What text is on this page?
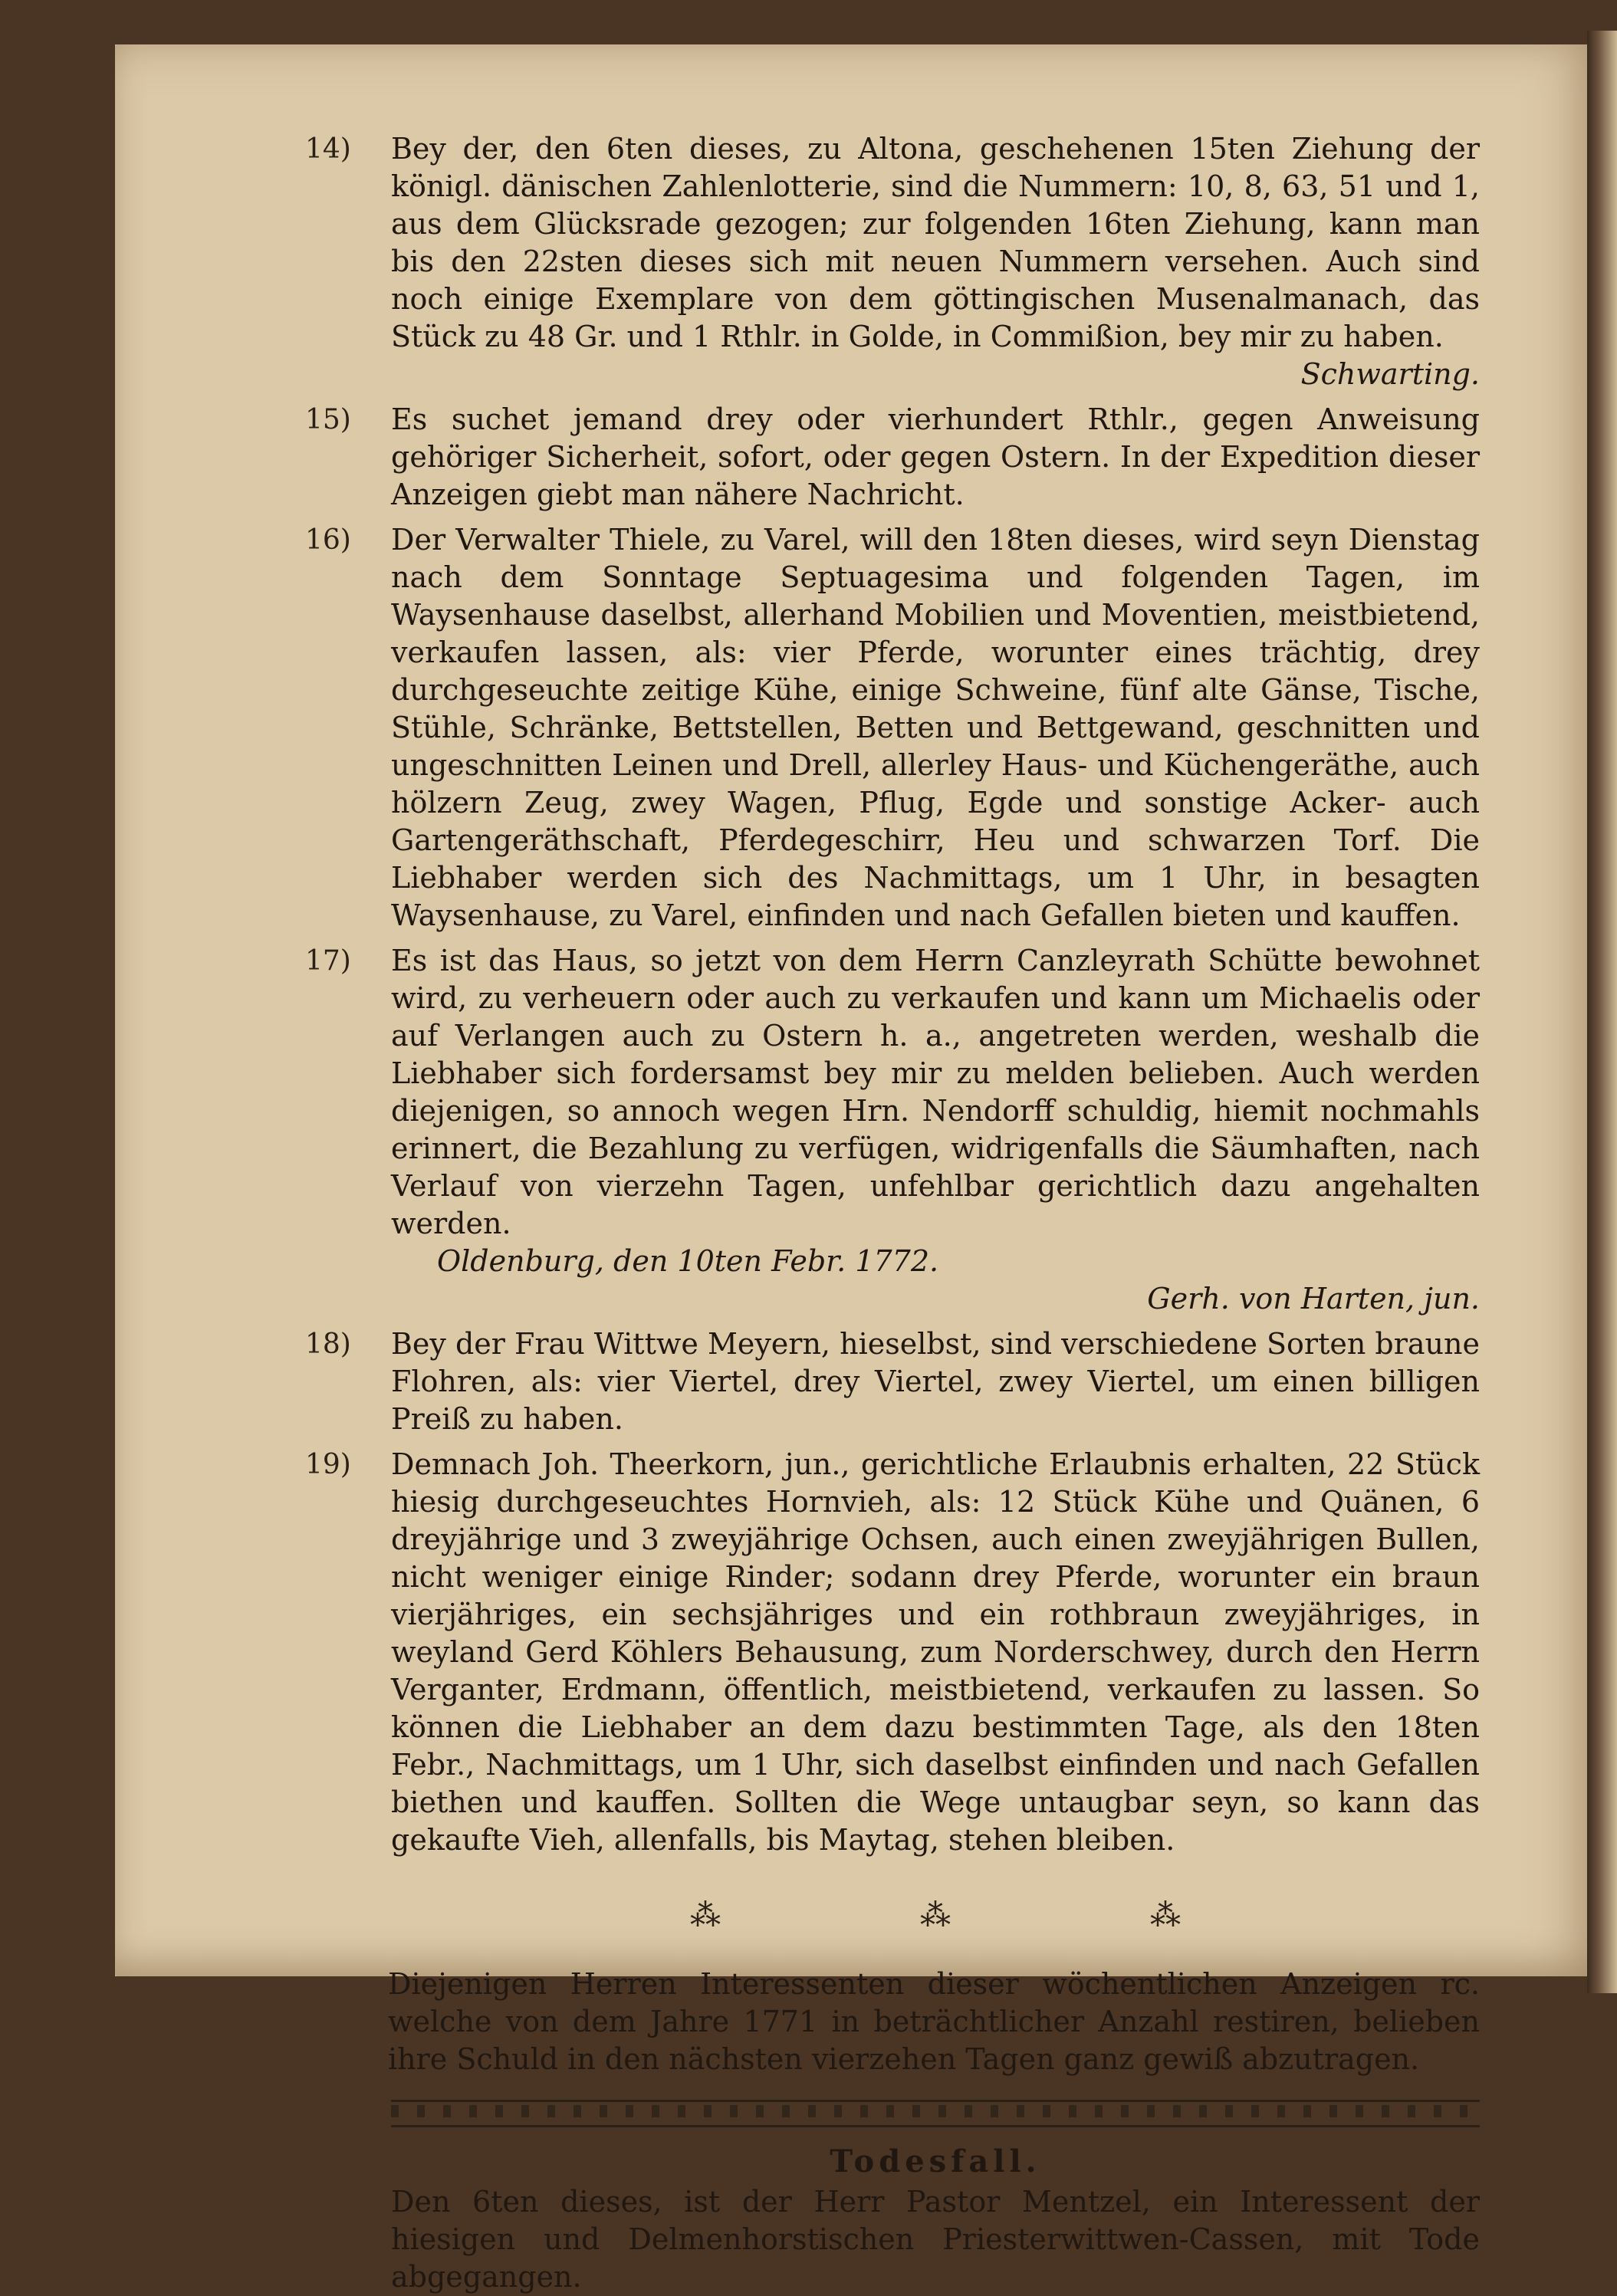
14)	Bey der, den 6ten dieses, zu Altona, geschehenen 15ten Ziehung der königl. dänischen Zahlenlotterie, sind die Nummern: 10, 8, 63, 51 und 1, aus dem Glücksrade gezogen; zur folgenden 16ten Ziehung, kann man bis den 22sten dieses sich mit neuen Nummern versehen. Auch sind noch einige Exemplare von dem göttingischen Musenalmanach, das Stück zu 48 Gr. und 1 Rthlr. in Golde, in Commißion, bey mir zu haben.
Schwarting.
15)	Es suchet jemand drey oder vierhundert Rthlr., gegen Anweisung gehöriger Sicherheit, sofort, oder gegen Ostern. In der Expedition dieser Anzeigen giebt man nähere Nachricht.
16)	Der Verwalter Thiele, zu Varel, will den 18ten dieses, wird seyn Dienstag nach dem Sonntage Septuagesima und folgenden Tagen, im Waysenhause daselbst, allerhand Mobilien und Moventien, meistbietend, verkaufen lassen, als: vier Pferde, worunter eines trächtig, drey durchgeseuchte zeitige Kühe, einige Schweine, fünf alte Gänse, Tische, Stühle, Schränke, Bettstellen, Betten und Bettgewand, geschnitten und ungeschnitten Leinen und Drell, allerley Haus- und Küchengeräthe, auch hölzern Zeug, zwey Wagen, Pflug, Egde und sonstige Acker- auch Gartengeräthschaft, Pferdegeschirr, Heu und schwarzen Torf. Die Liebhaber werden sich des Nachmittags, um 1 Uhr, in besagten Waysenhause, zu Varel, einfinden und nach Gefallen bieten und kauffen.
17)	Es ist das Haus, so jetzt von dem Herrn Canzleyrath Schütte bewohnet wird, zu verheuern oder auch zu verkaufen und kann um Michaelis oder auf Verlangen auch zu Ostern h. a., angetreten werden, weshalb die Liebhaber sich fordersamst bey mir zu melden belieben. Auch werden diejenigen, so annoch wegen Hrn. Nendorff schuldig, hiemit nochmahls erinnert, die Bezahlung zu verfügen, widrigenfalls die Säumhaften, nach Verlauf von vierzehn Tagen, unfehlbar gerichtlich dazu angehalten werden.
Oldenburg, den 10ten Febr. 1772.
Gerh. von Harten, jun.
18)	Bey der Frau Wittwe Meyern, hieselbst, sind verschiedene Sorten braune Flohren, als: vier Viertel, drey Viertel, zwey Viertel, um einen billigen Preiß zu haben.
19)	Demnach Joh. Theerkorn, jun., gerichtliche Erlaubnis erhalten, 22 Stück hiesig durchgeseuchtes Hornvieh, als: 12 Stück Kühe und Quänen, 6 dreyjährige und 3 zweyjährige Ochsen, auch einen zweyjährigen Bullen, nicht weniger einige Rinder; sodann drey Pferde, worunter ein braun vierjähriges, ein sechsjähriges und ein rothbraun zweyjähriges, in weyland Gerd Köhlers Behausung, zum Norderschwey, durch den Herrn Verganter, Erdmann, öffentlich, meistbietend, verkaufen zu lassen. So können die Liebhaber an dem dazu bestimmten Tage, als den 18ten Febr., Nachmittags, um 1 Uhr, sich daselbst einfinden und nach Gefallen biethen und kauffen. Sollten die Wege untaugbar seyn, so kann das gekaufte Vieh, allenfalls, bis Maytag, stehen bleiben.
⁂	⁂	⁂
Diejenigen Herren Interessenten dieser wöchentlichen Anzeigen rc. welche von dem Jahre 1771 in beträchtlicher Anzahl restiren, belieben ihre Schuld in den nächsten vierzehen Tagen ganz gewiß abzutragen.
Todesfall.
Den 6ten dieses, ist der Herr Pastor Mentzel, ein Interessent der hiesigen und Delmenhorstischen Priesterwittwen-Cassen, mit Tode abgegangen.
